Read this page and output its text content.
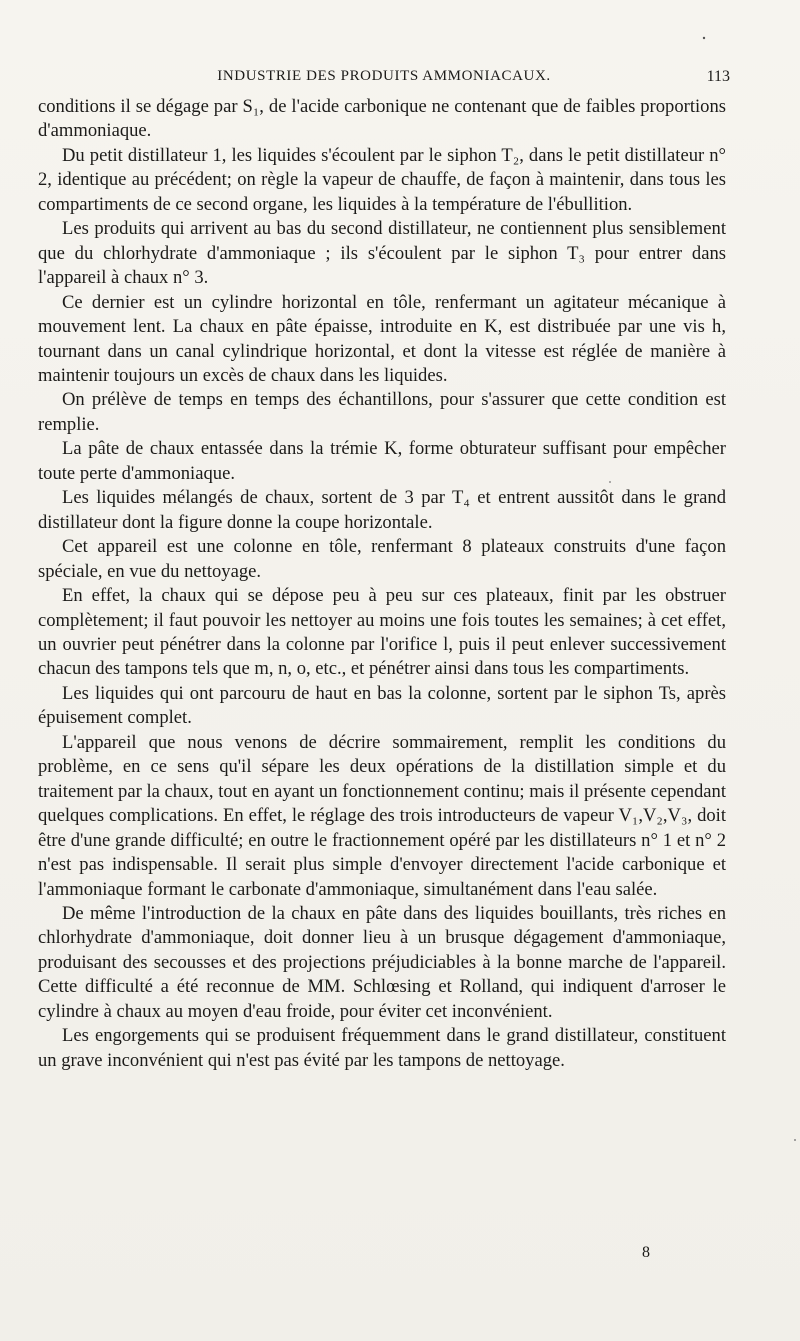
INDUSTRIE DES PRODUITS AMMONIACAUX.	113

conditions il se dégage par S₁, de l'acide carbonique ne contenant que de faibles proportions d'ammoniaque.

Du petit distillateur 1, les liquides s'écoulent par le siphon T₂, dans le petit distillateur n° 2, identique au précédent; on règle la vapeur de chauffe, de façon à maintenir, dans tous les compartiments de ce second organe, les liquides à la température de l'ébullition.

Les produits qui arrivent au bas du second distillateur, ne contiennent plus sensiblement que du chlorhydrate d'ammoniaque ; ils s'écoulent par le siphon T₃ pour entrer dans l'appareil à chaux n° 3.

Ce dernier est un cylindre horizontal en tôle, renfermant un agitateur mécanique à mouvement lent. La chaux en pâte épaisse, introduite en K, est distribuée par une vis h, tournant dans un canal cylindrique horizontal, et dont la vitesse est réglée de manière à maintenir toujours un excès de chaux dans les liquides.

On prélève de temps en temps des échantillons, pour s'assurer que cette condition est remplie.

La pâte de chaux entassée dans la trémie K, forme obturateur suffisant pour empêcher toute perte d'ammoniaque.

Les liquides mélangés de chaux, sortent de 3 par T₄ et entrent aussitôt dans le grand distillateur dont la figure donne la coupe horizontale.

Cet appareil est une colonne en tôle, renfermant 8 plateaux construits d'une façon spéciale, en vue du nettoyage.

En effet, la chaux qui se dépose peu à peu sur ces plateaux, finit par les obstruer complètement; il faut pouvoir les nettoyer au moins une fois toutes les semaines; à cet effet, un ouvrier peut pénétrer dans la colonne par l'orifice l, puis il peut enlever successivement chacun des tampons tels que m, n, o, etc., et pénétrer ainsi dans tous les compartiments.

Les liquides qui ont parcouru de haut en bas la colonne, sortent par le siphon Ts, après épuisement complet.

L'appareil que nous venons de décrire sommairement, remplit les conditions du problème, en ce sens qu'il sépare les deux opérations de la distillation simple et du traitement par la chaux, tout en ayant un fonctionnement continu; mais il présente cependant quelques complications. En effet, le réglage des trois introducteurs de vapeur V₁,V₂,V₃, doit être d'une grande difficulté; en outre le fractionnement opéré par les distillateurs n° 1 et n° 2 n'est pas indispensable. Il serait plus simple d'envoyer directement l'acide carbonique et l'ammoniaque formant le carbonate d'ammoniaque, simultanément dans l'eau salée.

De même l'introduction de la chaux en pâte dans des liquides bouillants, très riches en chlorhydrate d'ammoniaque, doit donner lieu à un brusque dégagement d'ammoniaque, produisant des secousses et des projections préjudiciables à la bonne marche de l'appareil. Cette difficulté a été reconnue de MM. Schlœsing et Rolland, qui indiquent d'arroser le cylindre à chaux au moyen d'eau froide, pour éviter cet inconvénient.

Les engorgements qui se produisent fréquemment dans le grand distillateur, constituent un grave inconvénient qui n'est pas évité par les tampons de nettoyage.

8
